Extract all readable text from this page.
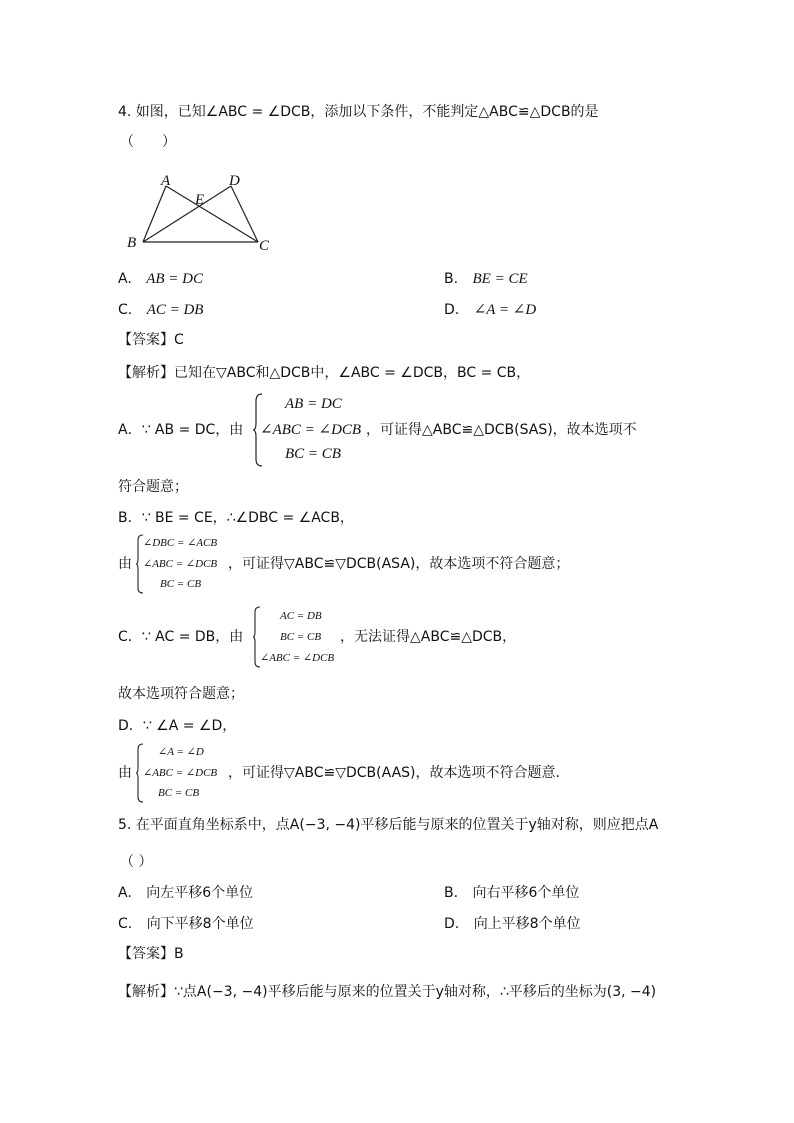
4. 如图，已知∠ABC = ∠DCB，添加以下条件，不能判定△ABC≌△DCB的是
（　　）
A	D
E
B	C
A. AB = DC	B. BE = CE
C. AC = DB	D. ∠A = ∠D
【答案】C
【解析】已知在▽ABC和△DCB中，∠ABC = ∠DCB，BC = CB，
A．∵ AB = DC，由
AB = DC
∠ABC = ∠DCB
BC = CB
，可证得△ABC≌△DCB(SAS)，故本选项不
符合题意；
B．∵ BE = CE，∴∠DBC = ∠ACB，
由
∠DBC = ∠ACB
∠ABC = ∠DCB
BC = CB
，可证得▽ABC≌▽DCB(ASA)，故本选项不符合题意；
C．∵ AC = DB，由
AC = DB
BC = CB
∠ABC = ∠DCB
，无法证得△ABC≌△DCB，
故本选项符合题意；
D．∵ ∠A = ∠D，
由
∠A = ∠D
∠ABC = ∠DCB
BC = CB
，可证得▽ABC≌▽DCB(AAS)，故本选项不符合题意.
5. 在平面直角坐标系中，点A(−3, −4)平移后能与原来的位置关于y轴对称，则应把点A
（ ）
A. 向左平移6个单位	B. 向右平移6个单位
C. 向下平移8个单位	D. 向上平移8个单位
【答案】B
【解析】∵点A(−3, −4)平移后能与原来的位置关于y轴对称，∴平移后的坐标为(3, −4)
